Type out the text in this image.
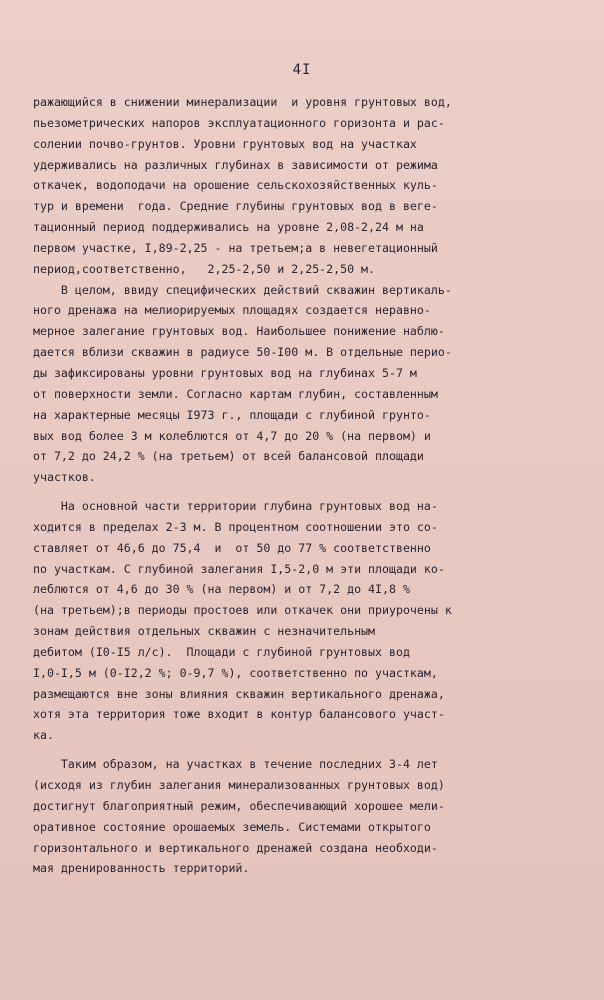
4I
ражающийся в снижении минерализации  и уровня грунтовых вод,
пьезометрических напоров эксплуатационного горизонта и рас-
солении почво-грунтов. Уровни грунтовых вод на участках
удерживались на различных глубинах в зависимости от режима
откачек, водоподачи на орошение сельскохозяйственных куль-
тур и времени  года. Средние глубины грунтовых вод в веге-
тационный период поддерживались на уровне 2,08-2,24 м на
первом участке, I,89-2,25 - на третьем;а в невегетационный
период,соответственно,   2,25-2,50 и 2,25-2,50 м.
В целом, ввиду специфических действий скважин вертикаль-
ного дренажа на мелиорируемых площадях создается неравно-
мерное залегание грунтовых вод. Наибольшее понижение наблю-
дается вблизи скважин в радиусе 50-I00 м. В отдельные перио-
ды зафиксированы уровни грунтовых вод на глубинах 5-7 м
от поверхности земли. Согласно картам глубин, составленным
на характерные месяцы I973 г., площади с глубиной грунто-
вых вод более 3 м колеблются от 4,7 до 20 % (на первом) и
от 7,2 до 24,2 % (на третьем) от всей балансовой площади
участков.
На основной части территории глубина грунтовых вод на-
ходится в пределах 2-3 м. В процентном соотношении это со-
ставляет от 46,6 до 75,4  и  от 50 до 77 % соответственно
по участкам. С глубиной залегания I,5-2,0 м эти площади ко-
леблются от 4,6 до 30 % (на первом) и от 7,2 до 4I,8 %
(на третьем);в периоды простоев или откачек они приурочены к
зонам действия отдельных скважин с незначительным
дебитом (I0-I5 л/с).  Площади с глубиной грунтовых вод
I,0-I,5 м (0-I2,2 %; 0-9,7 %), соответственно по участкам,
размещаются вне зоны влияния скважин вертикального дренажа,
хотя эта территория тоже входит в контур балансового участ-
ка.
Таким образом, на участках в течение последних 3-4 лет
(исходя из глубин залегания минерализованных грунтовых вод)
достигнут благоприятный режим, обеспечивающий хорошее мели-
оративное состояние орошаемых земель. Системами открытого
горизонтального и вертикального дренажей создана необходи-
мая дренированность территорий.
